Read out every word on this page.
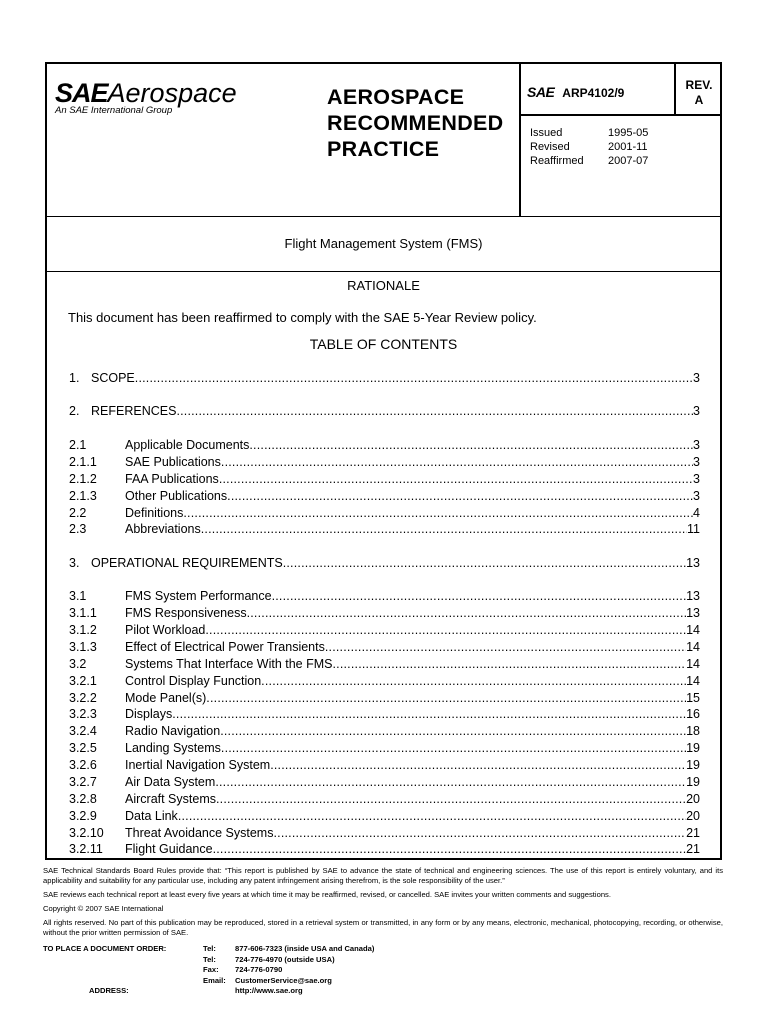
SAEAerospace
An SAE International Group
AEROSPACE
RECOMMENDED
PRACTICE
SAE ARP4102/9
REV.
A
Issued	1995-05
Revised	2001-11
Reaffirmed	2007-07
Flight Management System (FMS)
RATIONALE
This document has been reaffirmed to comply with the SAE 5-Year Review policy.
TABLE OF CONTENTS
1. SCOPE .....	3
2. REFERENCES .....	3
2.1	Applicable Documents .....	3
2.1.1	SAE Publications .....	3
2.1.2	FAA Publications .....	3
2.1.3	Other Publications .....	3
2.2	Definitions .....	4
2.3	Abbreviations .....	11
3. OPERATIONAL REQUIREMENTS .....	13
3.1	FMS System Performance .....	13
3.1.1	FMS Responsiveness .....	13
3.1.2	Pilot Workload .....	14
3.1.3	Effect of Electrical Power Transients .....	14
3.2	Systems That Interface With the FMS .....	14
3.2.1	Control Display Function .....	14
3.2.2	Mode Panel(s) .....	15
3.2.3	Displays .....	16
3.2.4	Radio Navigation .....	18
3.2.5	Landing Systems .....	19
3.2.6	Inertial Navigation System .....	19
3.2.7	Air Data System .....	19
3.2.8	Aircraft Systems .....	20
3.2.9	Data Link .....	20
3.2.10	Threat Avoidance Systems .....	21
3.2.11	Flight Guidance .....	21

SAE Technical Standards Board Rules provide that: “This report is published by SAE to advance the state of technical and engineering sciences. The use of this report is entirely voluntary, and its applicability and suitability for any particular use, including any patent infringement arising therefrom, is the sole responsibility of the user.”

SAE reviews each technical report at least every five years at which time it may be reaffirmed, revised, or cancelled. SAE invites your written comments and suggestions.

Copyright © 2007 SAE International

All rights reserved. No part of this publication may be reproduced, stored in a retrieval system or transmitted, in any form or by any means, electronic, mechanical, photocopying, recording, or otherwise, without the prior written permission of SAE.

TO PLACE A DOCUMENT ORDER:	Tel:	877-606-7323 (inside USA and Canada)
Tel:	724-776-4970 (outside USA)
Fax:	724-776-0790
Email:	CustomerService@sae.org
http://www.sae.org
ADDRESS:
